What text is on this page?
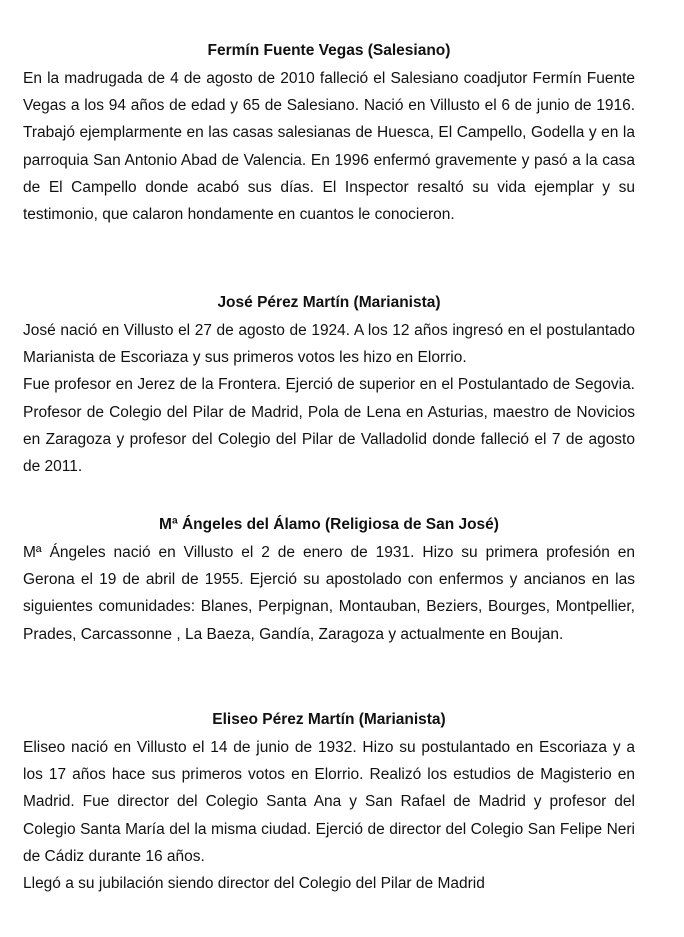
Fermín Fuente Vegas (Salesiano)

En la madrugada de 4 de agosto de 2010 falleció el Salesiano coadjutor Fermín Fuente Vegas a los 94 años de edad y 65 de Salesiano. Nació en Villusto el 6 de junio de 1916. Trabajó ejemplarmente en las casas salesianas de Huesca, El Campello, Godella y en la parroquia San Antonio Abad de Valencia. En 1996 enfermó gravemente y pasó a la casa de El Campello donde acabó sus días. El Inspector resaltó su vida ejemplar y su testimonio, que calaron hondamente en cuantos le conocieron.

José Pérez Martín (Marianista)

José nació en Villusto el 27 de agosto de 1924. A los 12 años ingresó en el postulantado Marianista de Escoriaza y sus primeros votos les hizo en Elorrio.

Fue profesor en Jerez de la Frontera. Ejerció de superior en el Postulantado de Segovia. Profesor de Colegio del Pilar de Madrid, Pola de Lena en Asturias, maestro de Novicios en Zaragoza y profesor del Colegio del Pilar de Valladolid donde falleció el 7 de agosto de 2011.

Mª Ángeles del Álamo (Religiosa de San José)

Mª Ángeles nació en Villusto el 2 de enero de 1931. Hizo su primera profesión en Gerona el 19 de abril de 1955. Ejerció su apostolado con enfermos y ancianos en las siguientes comunidades: Blanes, Perpignan, Montauban, Beziers, Bourges, Montpellier, Prades, Carcassonne , La Baeza, Gandía, Zaragoza y actualmente en Boujan.

Eliseo Pérez Martín (Marianista)

Eliseo nació en Villusto el 14 de junio de 1932. Hizo su postulantado en Escoriaza y a los 17 años hace sus primeros votos en Elorrio. Realizó los estudios de Magisterio en Madrid. Fue director del Colegio Santa Ana y San Rafael de Madrid y profesor del Colegio Santa María del la misma ciudad. Ejerció de director del Colegio San Felipe Neri de Cádiz durante 16 años.

Llegó a su jubilación siendo director del Colegio del Pilar de Madrid
